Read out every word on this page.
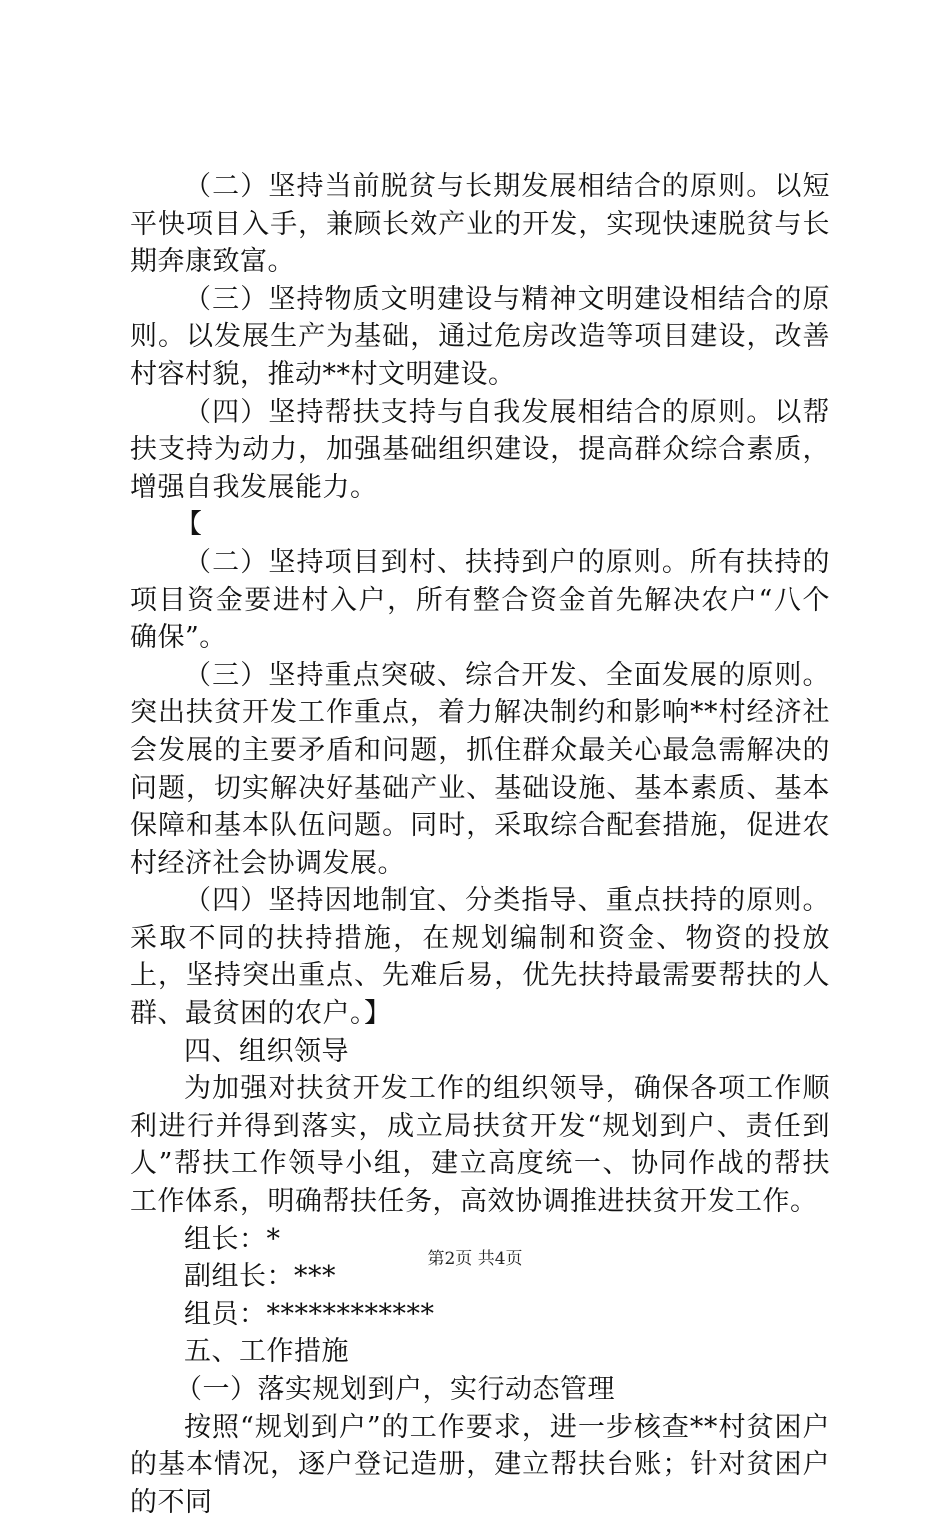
（二）坚持当前脱贫与长期发展相结合的原则。以短平快项目入手，兼顾长效产业的开发，实现快速脱贫与长期奔康致富。

（三）坚持物质文明建设与精神文明建设相结合的原则。以发展生产为基础，通过危房改造等项目建设，改善村容村貌，推动**村文明建设。

（四）坚持帮扶支持与自我发展相结合的原则。以帮扶支持为动力，加强基础组织建设，提高群众综合素质，增强自我发展能力。

【

（二）坚持项目到村、扶持到户的原则。所有扶持的项目资金要进村入户，所有整合资金首先解决农户“八个确保”。

（三）坚持重点突破、综合开发、全面发展的原则。突出扶贫开发工作重点，着力解决制约和影响**村经济社会发展的主要矛盾和问题，抓住群众最关心最急需解决的问题，切实解决好基础产业、基础设施、基本素质、基本保障和基本队伍问题。同时，采取综合配套措施，促进农村经济社会协调发展。

（四）坚持因地制宜、分类指导、重点扶持的原则。采取不同的扶持措施，在规划编制和资金、物资的投放上，坚持突出重点、先难后易，优先扶持最需要帮扶的人群、最贫困的农户。】

四、组织领导

为加强对扶贫开发工作的组织领导，确保各项工作顺利进行并得到落实，成立局扶贫开发“规划到户、责任到人”帮扶工作领导小组，建立高度统一、协同作战的帮扶工作体系，明确帮扶任务，高效协调推进扶贫开发工作。

组长：*

副组长：***

组员：************

五、工作措施

（一）落实规划到户，实行动态管理

按照“规划到户”的工作要求，进一步核查**村贫困户的基本情况，逐户登记造册，建立帮扶台账；针对贫困户的不同

第2页 共4页
